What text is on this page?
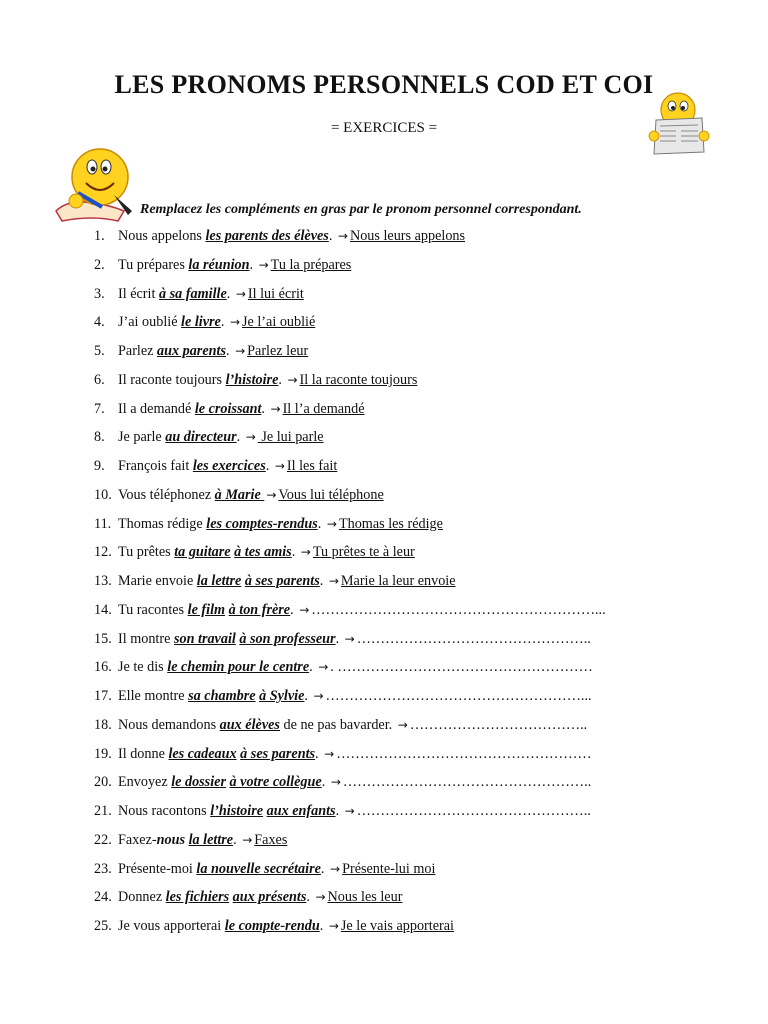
LES PRONOMS PERSONNELS COD ET COI
= EXERCICES =
Remplacez les compléments en gras par le pronom personnel correspondant.
1. Nous appelons les parents des élèves. → Nous leurs appelons
2. Tu prépares la réunion. → Tu la prépares
3. Il écrit à sa famille. → Il lui écrit
4. J’ai oublié le livre. → Je l’ai oublié
5. Parlez aux parents. → Parlez leur
6. Il raconte toujours l’histoire. → Il la raconte toujours
7. Il a demandé le croissant. → Il l’a demandé
8. Je parle au directeur. → Je lui parle
9. François fait les exercices. → Il les fait
10. Vous téléphonez à Marie → Vous lui téléphone
11. Thomas rédige les comptes-rendus. → Thomas les rédige
12. Tu prêtes ta guitare à tes amis. → Tu prêtes te à leur
13. Marie envoie la lettre à ses parents. → Marie la leur envoie
14. Tu racontes le film à ton frère. → ……………………………………………………...
15. Il montre son travail à son professeur. → …………………………………………..
16. Je te dis le chemin pour le centre. → . ………………………………………………
17. Elle montre sa chambre à Sylvie. → ………………………………………………...
18. Nous demandons aux élèves de ne pas bavarder. → ………………………………..
19. Il donne les cadeaux à ses parents. → ………………………………………………
20. Envoyez le dossier à votre collègue. → ……………………………………………..
21. Nous racontons l’histoire aux enfants. → …………………………………………..
22. Faxez-nous la lettre. → Faxes
23. Présente-moi la nouvelle secrétaire. → Présente-lui moi
24. Donnez les fichiers aux présents. → Nous les leur
25. Je vous apporterai le compte-rendu. → Je le vais apporterai
